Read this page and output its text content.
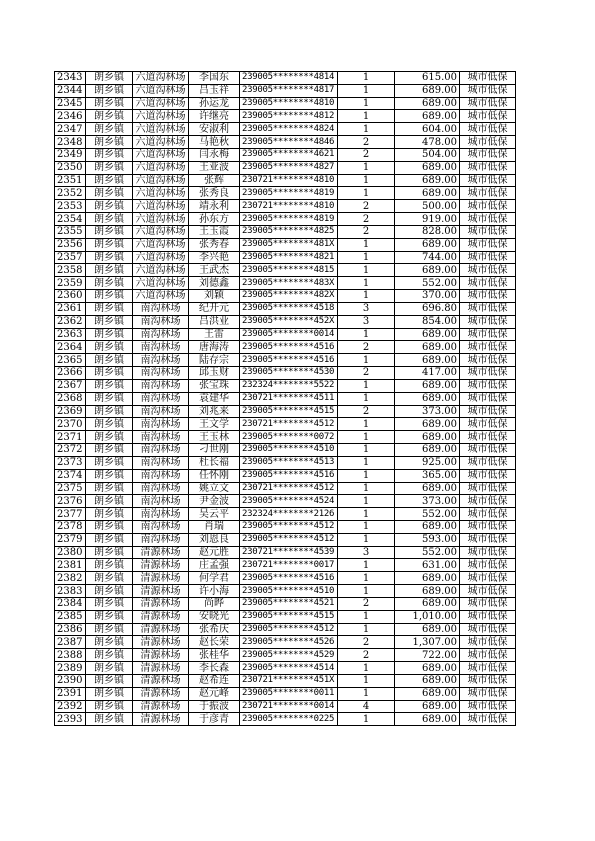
2343	朗乡镇	六道沟林场	李国东	239005********4814	1	615.00	城市低保
2344	朗乡镇	六道沟林场	吕玉祥	239005********4817	1	689.00	城市低保
2345	朗乡镇	六道沟林场	孙运龙	239005********4810	1	689.00	城市低保
2346	朗乡镇	六道沟林场	许继亮	239005********4812	1	689.00	城市低保
2347	朗乡镇	六道沟林场	安淑利	239005********4824	1	604.00	城市低保
2348	朗乡镇	六道沟林场	马艳秋	239005********4846	2	478.00	城市低保
2349	朗乡镇	六道沟林场	闫永梅	239005********4621	2	504.00	城市低保
2350	朗乡镇	六道沟林场	王亚波	239005********4827	1	689.00	城市低保
2351	朗乡镇	六道沟林场	张辉	230721********4810	1	689.00	城市低保
2352	朗乡镇	六道沟林场	张秀良	239005********4819	1	689.00	城市低保
2353	朗乡镇	六道沟林场	靖永利	230721********4810	2	500.00	城市低保
2354	朗乡镇	六道沟林场	孙东方	239005********4819	2	919.00	城市低保
2355	朗乡镇	六道沟林场	王玉霞	239005********4825	2	828.00	城市低保
2356	朗乡镇	六道沟林场	张秀春	239005********481X	1	689.00	城市低保
2357	朗乡镇	六道沟林场	李兴艳	239005********4821	1	744.00	城市低保
2358	朗乡镇	六道沟林场	王武杰	239005********4815	1	689.00	城市低保
2359	朗乡镇	六道沟林场	刘德鑫	239005********483X	1	552.00	城市低保
2360	朗乡镇	六道沟林场	刘颖	239005********482X	1	370.00	城市低保
2361	朗乡镇	南沟林场	纪开元	239005********4518	3	696.80	城市低保
2362	朗乡镇	南沟林场	吕洪业	239005********452X	3	854.00	城市低保
2363	朗乡镇	南沟林场	王雷	239005********0014	1	689.00	城市低保
2364	朗乡镇	南沟林场	唐海涛	239005********4516	2	689.00	城市低保
2365	朗乡镇	南沟林场	陆存宗	239005********4516	1	689.00	城市低保
2366	朗乡镇	南沟林场	邱玉财	239005********4530	2	417.00	城市低保
2367	朗乡镇	南沟林场	张宝珠	232324********5522	1	689.00	城市低保
2368	朗乡镇	南沟林场	袁建华	230721********4511	1	689.00	城市低保
2369	朗乡镇	南沟林场	刘兆来	239005********4515	2	373.00	城市低保
2370	朗乡镇	南沟林场	王文学	230721********4512	1	689.00	城市低保
2371	朗乡镇	南沟林场	王玉林	239005********0072	1	689.00	城市低保
2372	朗乡镇	南沟林场	刁世刚	239005********4510	1	689.00	城市低保
2373	朗乡镇	南沟林场	杜长福	239005********4513	1	925.00	城市低保
2374	朗乡镇	南沟林场	任怀刚	239005********4516	1	365.00	城市低保
2375	朗乡镇	南沟林场	姚立文	230721********4512	1	689.00	城市低保
2376	朗乡镇	南沟林场	尹金波	239005********4524	1	373.00	城市低保
2377	朗乡镇	南沟林场	吴云平	232324********2126	1	552.00	城市低保
2378	朗乡镇	南沟林场	肖瑞	239005********4512	1	689.00	城市低保
2379	朗乡镇	南沟林场	刘恩良	239005********4512	1	593.00	城市低保
2380	朗乡镇	清源林场	赵元胜	230721********4539	3	552.00	城市低保
2381	朗乡镇	清源林场	庄孟强	230721********0017	1	631.00	城市低保
2382	朗乡镇	清源林场	何学君	239005********4516	1	689.00	城市低保
2383	朗乡镇	清源林场	许小海	239005********4510	1	689.00	城市低保
2384	朗乡镇	清源林场	尚晔	239005********4521	2	689.00	城市低保
2385	朗乡镇	清源林场	安晓光	239005********4515	1	1,010.00	城市低保
2386	朗乡镇	清源林场	张希庆	239005********4512	1	689.00	城市低保
2387	朗乡镇	清源林场	赵长荣	239005********4526	2	1,307.00	城市低保
2388	朗乡镇	清源林场	张桂华	239005********4529	2	722.00	城市低保
2389	朗乡镇	清源林场	李长森	239005********4514	1	689.00	城市低保
2390	朗乡镇	清源林场	赵希连	230721********451X	1	689.00	城市低保
2391	朗乡镇	清源林场	赵元峰	239005********0011	1	689.00	城市低保
2392	朗乡镇	清源林场	于振波	230721********0014	4	689.00	城市低保
2393	朗乡镇	清源林场	于彦青	239005********0225	1	689.00	城市低保
